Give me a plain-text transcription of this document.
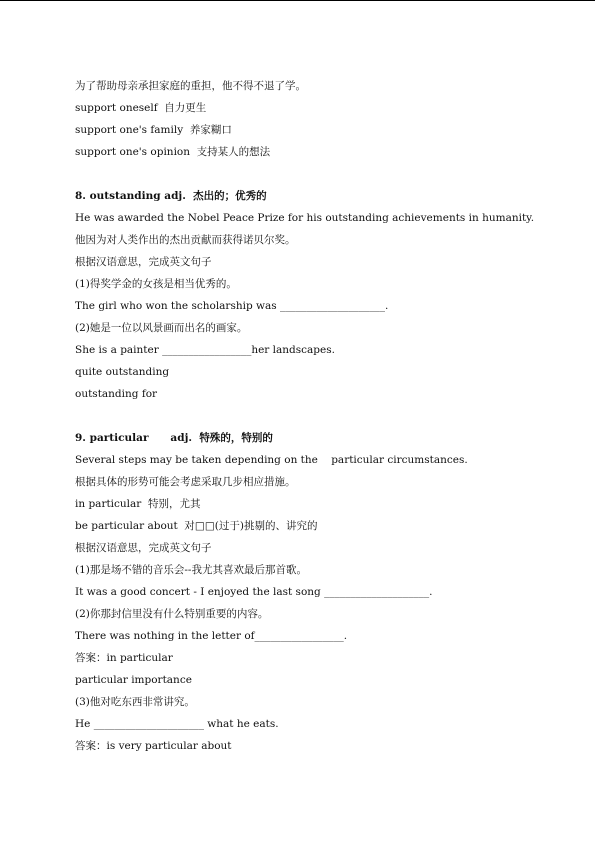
为了帮助母亲承担家庭的重担，他不得不退了学。
support oneself  自力更生
support one's family  养家糊口
support one's opinion  支持某人的想法
8. outstanding adj.  杰出的；优秀的
He was awarded the Nobel Peace Prize for his outstanding achievements in humanity.
他因为对人类作出的杰出贡献而获得诺贝尔奖。
根据汉语意思，完成英文句子
(1)得奖学金的女孩是相当优秀的。
The girl who won the scholarship was ____________________.
(2)她是一位以风景画而出名的画家。
She is a painter _________________her landscapes.
quite outstanding
outstanding for
9. particular      adj.  特殊的，特别的
Several steps may be taken depending on the    particular circumstances.
根据具体的形势可能会考虑采取几步相应措施。
in particular  特别，尤其
be particular about  对□□(过于)挑剔的、讲究的
根据汉语意思，完成英文句子
(1)那是场不错的音乐会--我尤其喜欢最后那首歌。
It was a good concert - I enjoyed the last song ____________________.
(2)你那封信里没有什么特别重要的内容。
There was nothing in the letter of_________________.
答案：in particular
particular importance
(3)他对吃东西非常讲究。
He _____________________ what he eats.
答案：is very particular about
